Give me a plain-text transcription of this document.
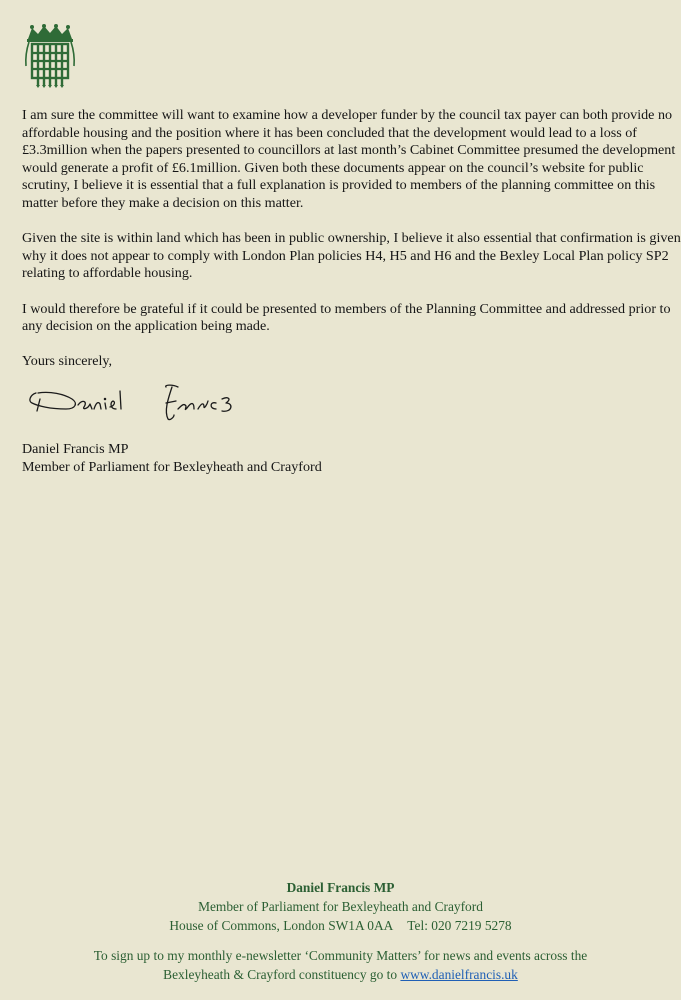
I am sure the committee will want to examine how a developer funder by the council tax payer can both provide no affordable housing and the position where it has been concluded that the development would lead to a loss of £3.3million when the papers presented to councillors at last month’s Cabinet Committee presumed the development would generate a profit of £6.1million. Given both these documents appear on the council’s website for public scrutiny, I believe it is essential that a full explanation is provided to members of the planning committee on this matter before they make a decision on this matter.

Given the site is within land which has been in public ownership, I believe it also essential that confirmation is given why it does not appear to comply with London Plan policies H4, H5 and H6 and the Bexley Local Plan policy SP2 relating to affordable housing.

I would therefore be grateful if it could be presented to members of the Planning Committee and addressed prior to any decision on the application being made.

Yours sincerely,

Daniel Francis MP
Member of Parliament for Bexleyheath and Crayford
Daniel Francis MP
Member of Parliament for Bexleyheath and Crayford
House of Commons, London SW1A 0AA Tel: 020 7219 5278
To sign up to my monthly e-newsletter ‘Community Matters’ for news and events across the
Bexleyheath & Crayford constituency go to www.danielfrancis.uk
